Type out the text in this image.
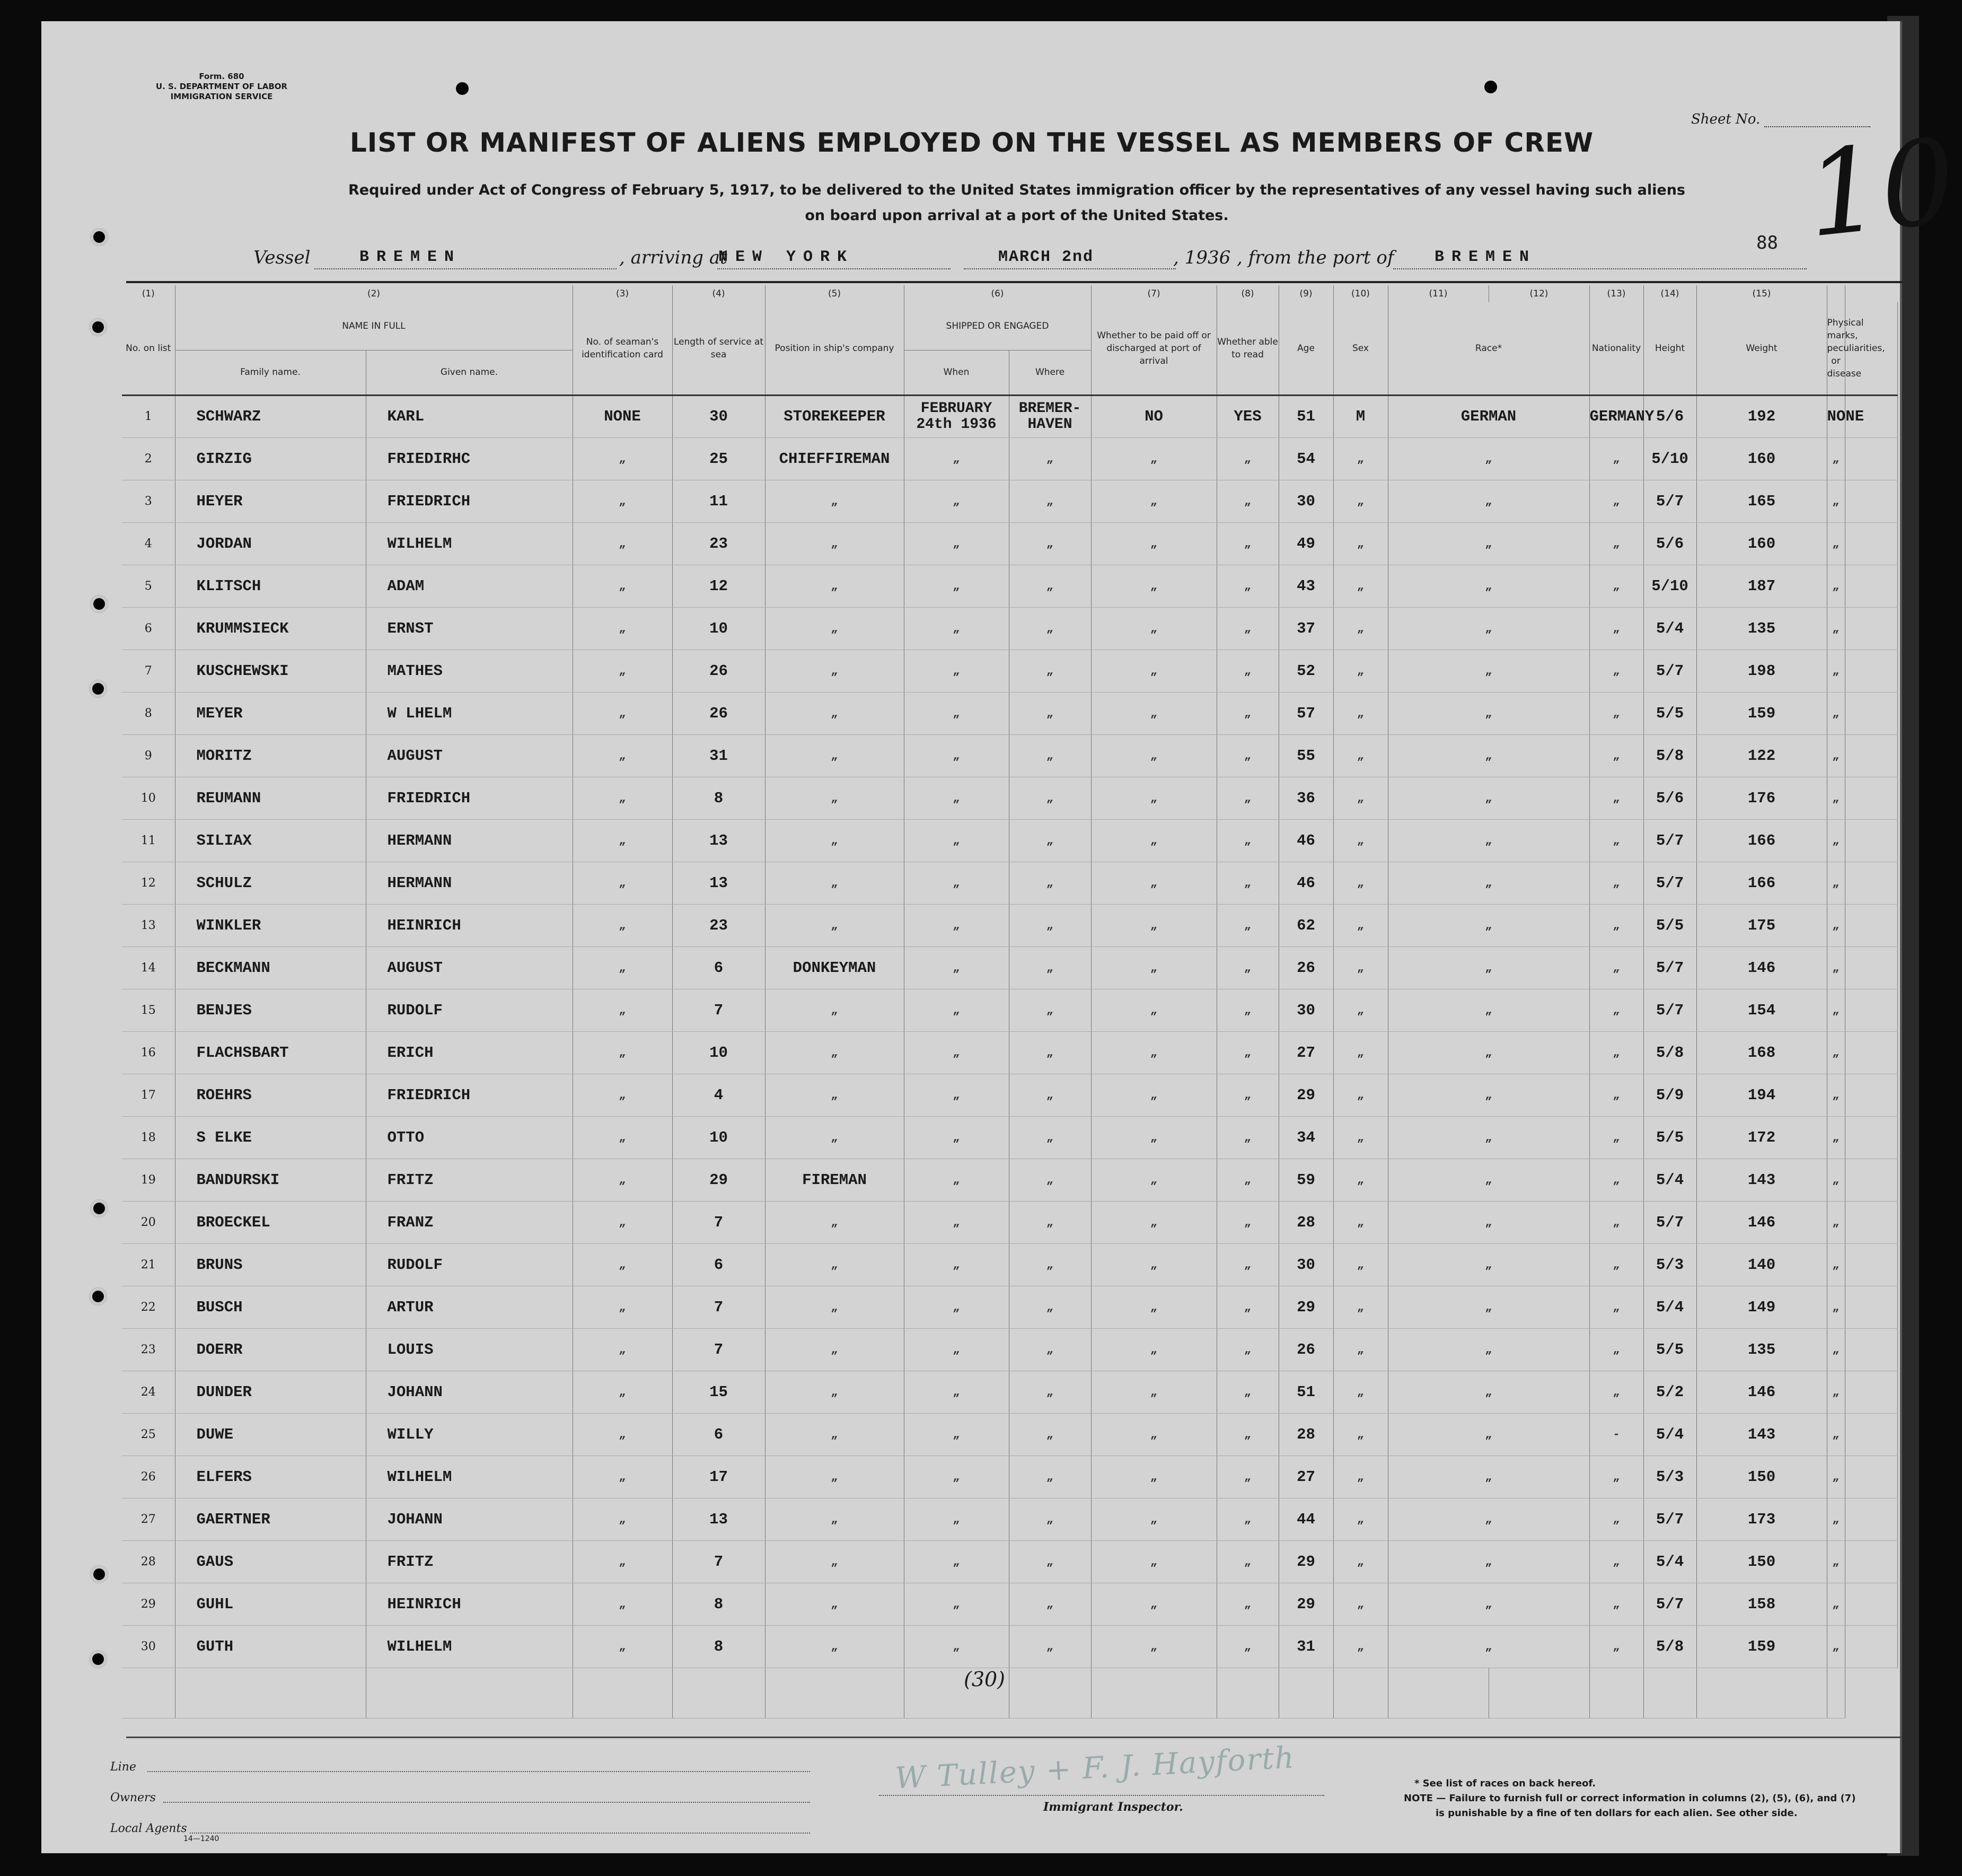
Form. 680
U. S. DEPARTMENT OF LABOR
IMMIGRATION SERVICE
Sheet No. 10
LIST OR MANIFEST OF ALIENS EMPLOYED ON THE VESSEL AS MEMBERS OF CREW
Required under Act of Congress of February 5, 1917, to be delivered to the United States immigration officer by the representatives of any vessel having such aliens
on board upon arrival at a port of the United States.
88
Vessel	BREMEN	, arriving at
NEW YORK	MARCH 2nd	, 19 36 , from the port of	BREMEN
(1)	(2)		(3)	(4)	(5)	(6)		(7)	(8)	(9)	(10)	(11)	(12)	(13)	(14)	(15)		
No. on list	NAME IN FULL		No. of seaman's identification card	Length of service at sea	Position in ship's company	SHIPPED OR ENGAGED		Whether to be paid off or discharged at port of arrival	Whether able to read	Age	Sex	Race*		Nationality	Height	Weight	Physical marks, peculiarities, or disease	
	Family name.	Given name.				When	Where											
1	SCHWARZ	KARL	NONE	30	STOREKEEPER	FEBRUARY 24th 1936	BREMER-HAVEN	NO	YES	51	M	GERMAN		GERMANY	5/6	192	NONE	
2	GIRZIG	FRIEDIRHC	„	25	CHIEFFIREMAN	„	„	„	„	54	„	„		„	5/10	160	„	
3	HEYER	FRIEDRICH	„	11	„	„	„	„	„	30	„	„		„	5/7	165	„	
4	JORDAN	WILHELM	„	23	„	„	„	„	„	49	„	„		„	5/6	160	„	
5	KLITSCH	ADAM	„	12	„	„	„	„	„	43	„	„		„	5/10	187	„	
6	KRUMMSIECK	ERNST	„	10	„	„	„	„	„	37	„	„		„	5/4	135	„	
7	KUSCHEWSKI	MATHES	„	26	„	„	„	„	„	52	„	„		„	5/7	198	„	
8	MEYER	W LHELM	„	26	„	„	„	„	„	57	„	„		„	5/5	159	„	
9	MORITZ	AUGUST	„	31	„	„	„	„	„	55	„	„		„	5/8	122	„	
10	REUMANN	FRIEDRICH	„	8	„	„	„	„	„	36	„	„		„	5/6	176	„	
11	SILIAX	HERMANN	„	13	„	„	„	„	„	46	„	„		„	5/7	166	„	
12	SCHULZ	HERMANN	„	13	„	„	„	„	„	46	„	„		„	5/7	166	„	
13	WINKLER	HEINRICH	„	23	„	„	„	„	„	62	„	„		„	5/5	175	„	
14	BECKMANN	AUGUST	„	6	DONKEYMAN	„	„	„	„	26	„	„		„	5/7	146	„	
15	BENJES	RUDOLF	„	7	„	„	„	„	„	30	„	„		„	5/7	154	„	
16	FLACHSBART	ERICH	„	10	„	„	„	„	„	27	„	„		„	5/8	168	„	
17	ROEHRS	FRIEDRICH	„	4	„	„	„	„	„	29	„	„		„	5/9	194	„	
18	S ELKE	OTTO	„	10	„	„	„	„	„	34	„	„		„	5/5	172	„	
19	BANDURSKI	FRITZ	„	29	FIREMAN	„	„	„	„	59	„	„		„	5/4	143	„	
20	BROECKEL	FRANZ	„	7	„	„	„	„	„	28	„	„		„	5/7	146	„	
21	BRUNS	RUDOLF	„	6	„	„	„	„	„	30	„	„		„	5/3	140	„	
22	BUSCH	ARTUR	„	7	„	„	„	„	„	29	„	„		„	5/4	149	„	
23	DOERR	LOUIS	„	7	„	„	„	„	„	26	„	„		„	5/5	135	„	
24	DUNDER	JOHANN	„	15	„	„	„	„	„	51	„	„		„	5/2	146	„	
25	DUWE	WILLY	„	6	„	„	„	„	„	28	„	„		-	5/4	143	„	
26	ELFERS	WILHELM	„	17	„	„	„	„	„	27	„	„		„	5/3	150	„	
27	GAERTNER	JOHANN	„	13	„	„	„	„	„	44	„	„		„	5/7	173	„	
28	GAUS	FRITZ	„	7	„	„	„	„	„	29	„	„		„	5/4	150	„	
29	GUHL	HEINRICH	„	8	„	„	„	„	„	29	„	„		„	5/7	158	„	
30	GUTH	WILHELM	„	8	„	„	„	„	„	31	„	„		„	5/8	159	„	

(30)
Line
Owners
Local Agents
14—1240
W Tulley + F. J. Hayforth
Immigrant Inspector.
* See list of races on back hereof.
NOTE — Failure to furnish full or correct information in columns (2), (5), (6), and (7)
is punishable by a fine of ten dollars for each alien. See other side.
